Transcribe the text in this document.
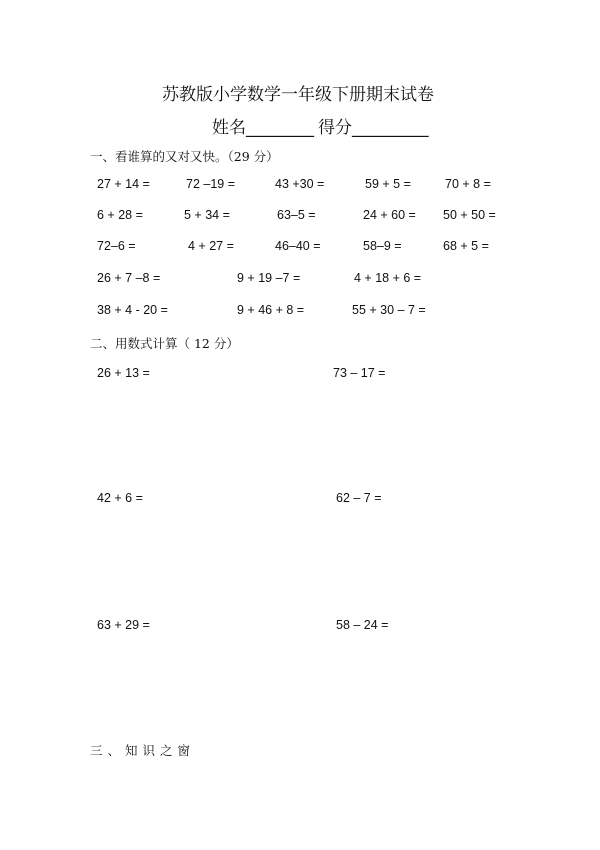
苏教版小学数学一年级下册期末试卷
姓名________ 得分_________
一、看谁算的又对又快。（29 分）
27 + 14 =	72 –19 =	43 +30 =	59 + 5 =	70 + 8 =
6 + 28 =	5 + 34 =	63–5 =	24 + 60 = 50 + 50 =
72–6 =	4 + 27 =	46–40 =	58–9 =	68 + 5 =
26 + 7 –8 =	9 + 19 –7 =	4 + 18 + 6 =
38 + 4 - 20 =	9 + 46 + 8 =	55 + 30 – 7 =
二、用数式计算（ 12 分）
26 + 13 =	73 – 17 =
42 + 6 =	62 – 7 =
63 + 29 =	58 – 24 =
三、知识之窗
